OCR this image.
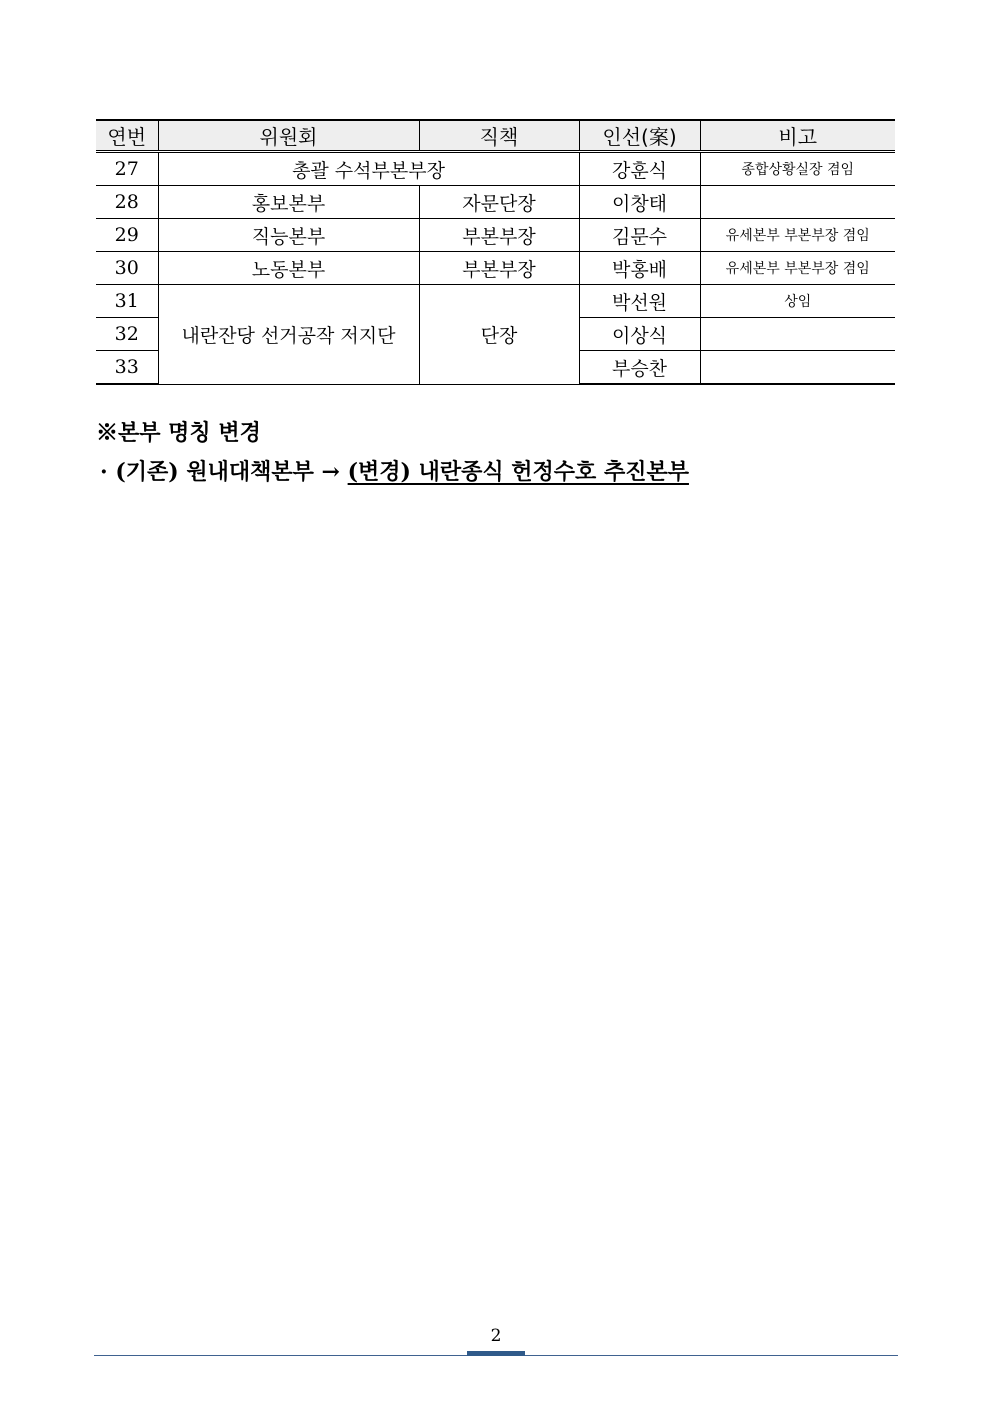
연번	위원회	직책	인선(案)	비고
27	총괄 수석부본부장		강훈식	종합상황실장 겸임
28	홍보본부	자문단장	이창태	
29	직능본부	부본부장	김문수	유세본부 부본부장 겸임
30	노동본부	부본부장	박홍배	유세본부 부본부장 겸임
31	내란잔당 선거공작 저지단	단장	박선원	상임
32			이상식	
33			부승찬	

※본부 명칭 변경

· (기존) 원내대책본부 → (변경) 내란종식 헌정수호 추진본부

2
